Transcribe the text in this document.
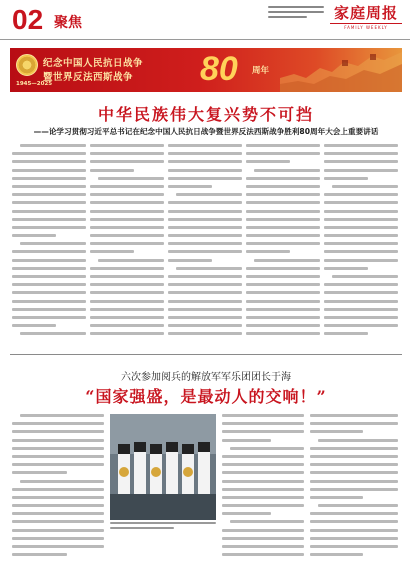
02 聚焦
家庭周报
FAMILY WEEKLY
纪念中国人民抗日战争
暨世界反法西斯战争
1945—2025	80 周年
中华民族伟大复兴势不可挡
——论学习贯彻习近平总书记在纪念中国人民抗日战争暨世界反法西斯战争胜利80周年大会上重要讲话
六次参加阅兵的解放军军乐团团长于海
“国家强盛，是最动人的交响！”
